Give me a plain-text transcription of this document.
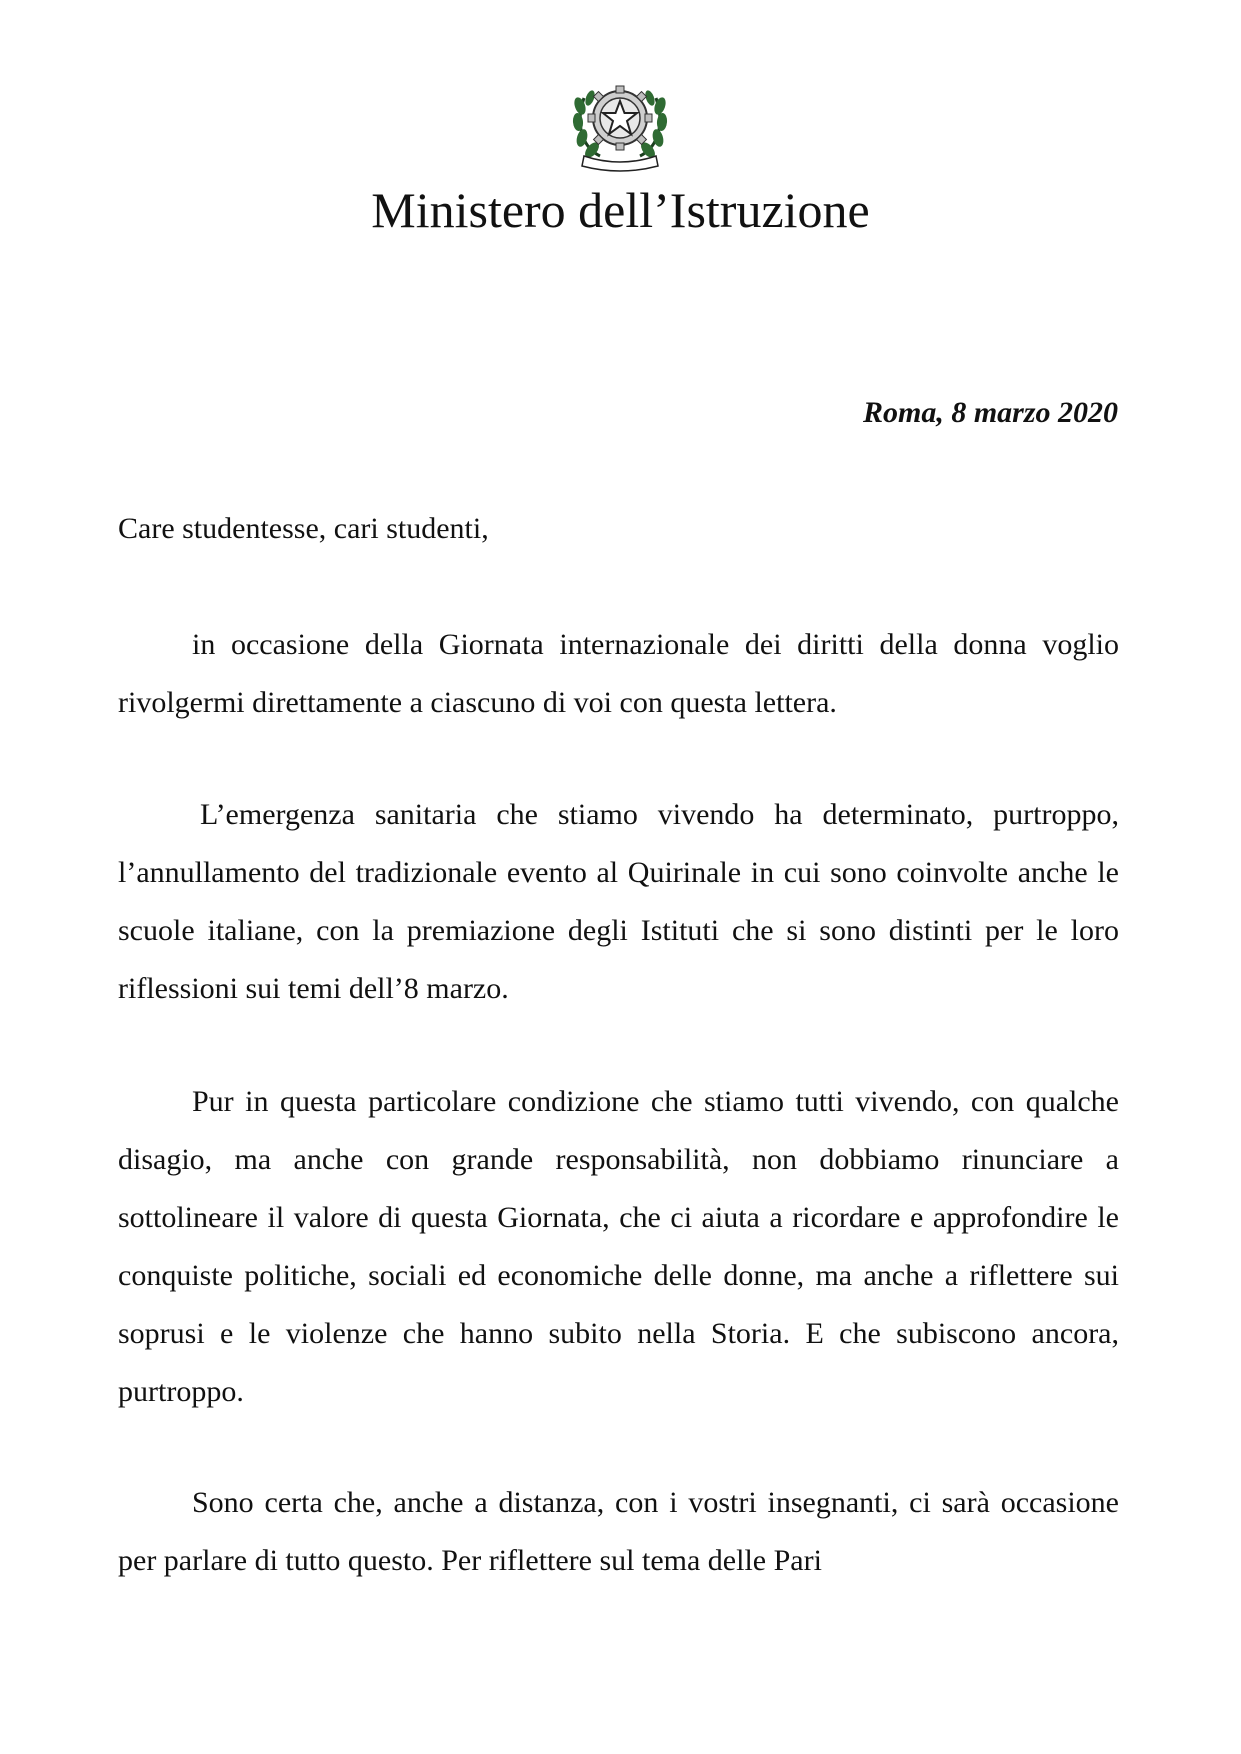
Ministero dell’Istruzione
Roma, 8 marzo 2020
Care studentesse, cari studenti,

in occasione della Giornata internazionale dei diritti della donna voglio rivolgermi direttamente a ciascuno di voi con questa lettera.

L’emergenza sanitaria che stiamo vivendo ha determinato, purtroppo, l’annullamento del tradizionale evento al Quirinale in cui sono coinvolte anche le scuole italiane, con la premiazione degli Istituti che si sono distinti per le loro riflessioni sui temi dell’8 marzo.

Pur in questa particolare condizione che stiamo tutti vivendo, con qualche disagio, ma anche con grande responsabilità, non dobbiamo rinunciare a sottolineare il valore di questa Giornata, che ci aiuta a ricordare e approfondire le conquiste politiche, sociali ed economiche delle donne, ma anche a riflettere sui soprusi e le violenze che hanno subito nella Storia. E che subiscono ancora, purtroppo.

Sono certa che, anche a distanza, con i vostri insegnanti, ci sarà occasione per parlare di tutto questo. Per riflettere sul tema delle Pari
